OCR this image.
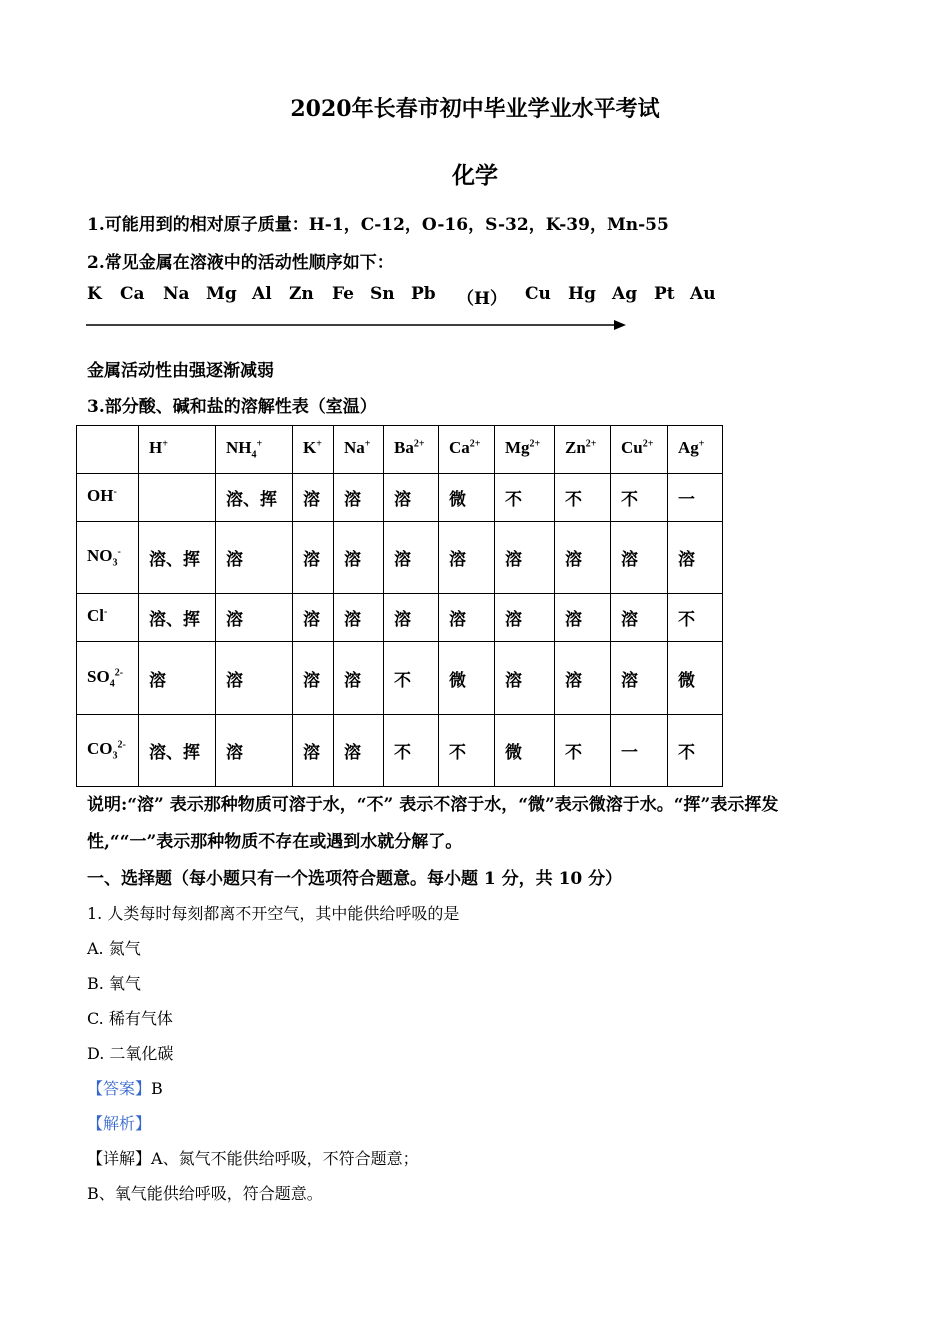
2020年长春市初中毕业学业水平考试
化学
1.可能用到的相对原子质量：H-1，C-12，O-16，S-32，K-39，Mn-55
2.常见金属在溶液中的活动性顺序如下：
K Ca Na Mg Al Zn Fe Sn Pb （H） Cu Hg Ag Pt Au
金属活动性由强逐渐减弱
3.部分酸、碱和盐的溶解性表（室温）
	H+	$NH_4^+$	K+	Na+	$Ba^{2+}$	$Ca^{2+}$	$Mg^{2+}$	$Zn^{2+}$	$Cu^{2+}$	Ag+
OH-		溶、挥	溶	溶	溶	微	不	不	不	一
$NO_3^-$	溶、挥	溶	溶	溶	溶	溶	溶	溶	溶	溶
Cl-	溶、挥	溶	溶	溶	溶	溶	溶	溶	溶	不
$SO_4^{2-}$	溶	溶	溶	溶	不	微	溶	溶	溶	微
$CO_3^{2-}$	溶、挥	溶	溶	溶	不	不	微	不	一	不
说明:“溶” 表示那种物质可溶于水，“不” 表示不溶于水，“微”表示微溶于水。“挥”表示挥发
性,““一”表示那种物质不存在或遇到水就分解了。
一、选择题（每小题只有一个选项符合题意。每小题 1 分，共 10 分）
1. 人类每时每刻都离不开空气，其中能供给呼吸的是
A. 氮气
B. 氧气
C. 稀有气体
D. 二氧化碳
【答案】B
【解析】
【详解】A、氮气不能供给呼吸，不符合题意；
B、氧气能供给呼吸，符合题意。
